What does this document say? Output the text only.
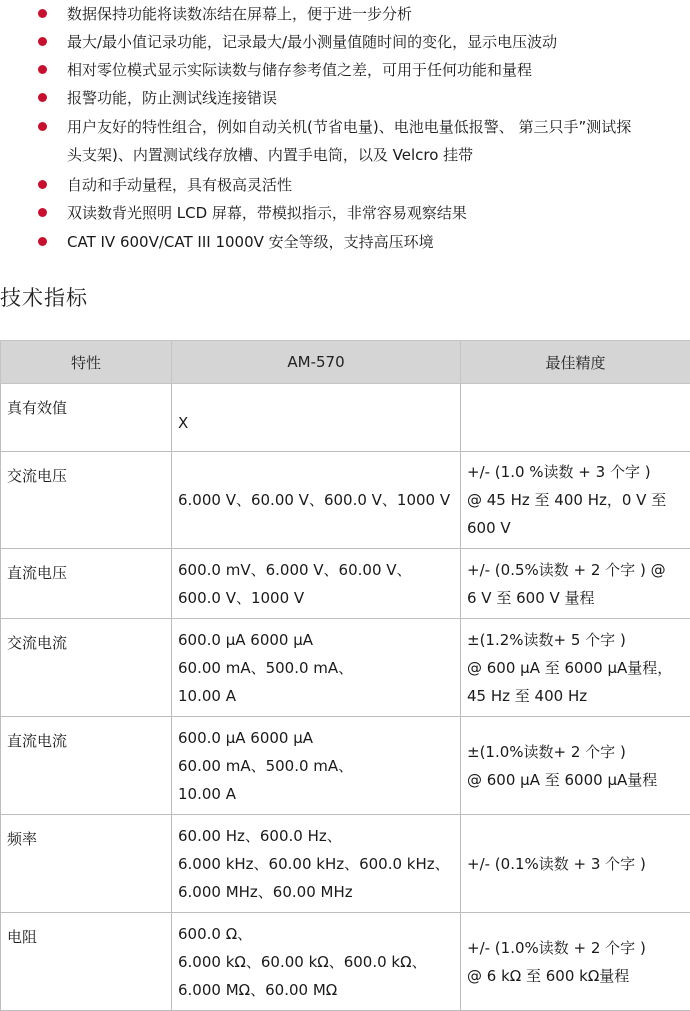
数据保持功能将读数冻结在屏幕上，便于进一步分析
最大/最小值记录功能，记录最大/最小测量值随时间的变化，显示电压波动
相对零位模式显示实际读数与储存参考值之差，可用于任何功能和量程
报警功能，防止测试线连接错误
用户友好的特性组合，例如自动关机(节省电量)、电池电量低报警、 第三只手”测试探
头支架)、内置测试线存放槽、内置手电筒，以及 Velcro 挂带
自动和手动量程，具有极高灵活性
双读数背光照明 LCD 屏幕，带模拟指示，非常容易观察结果
CAT IV 600V/CAT III 1000V 安全等级，支持高压环境
技术指标
特性	AM-570	最佳精度
真有效值	X	

交流电压	6.000 V、60.00 V、600.0 V、1000 V	+/- (1.0 %读数 + 3 个字 )
@ 45 Hz 至 400 Hz，0 V 至
600 V

直流电压	600.0 mV、6.000 V、60.00 V、
600.0 V、1000 V	+/- (0.5%读数 + 2 个字 ) @
6 V 至 600 V 量程

交流电流	600.0 μA 6000 μA
60.00 mA、500.0 mA、
10.00 A	±(1.2%读数+ 5 个字 )
@ 600 μA 至 6000 μA量程，
45 Hz 至 400 Hz

直流电流	600.0 μA 6000 μA
60.00 mA、500.0 mA、
10.00 A	±(1.0%读数+ 2 个字 )
@ 600 μA 至 6000 μA量程

频率	60.00 Hz、600.0 Hz、
6.000 kHz、60.00 kHz、600.0 kHz、
6.000 MHz、60.00 MHz	+/- (0.1%读数 + 3 个字 )

电阻	600.0 Ω、
6.000 kΩ、60.00 kΩ、600.0 kΩ、
6.000 MΩ、60.00 MΩ	+/- (1.0%读数 + 2 个字 )
@ 6 kΩ 至 600 kΩ量程
